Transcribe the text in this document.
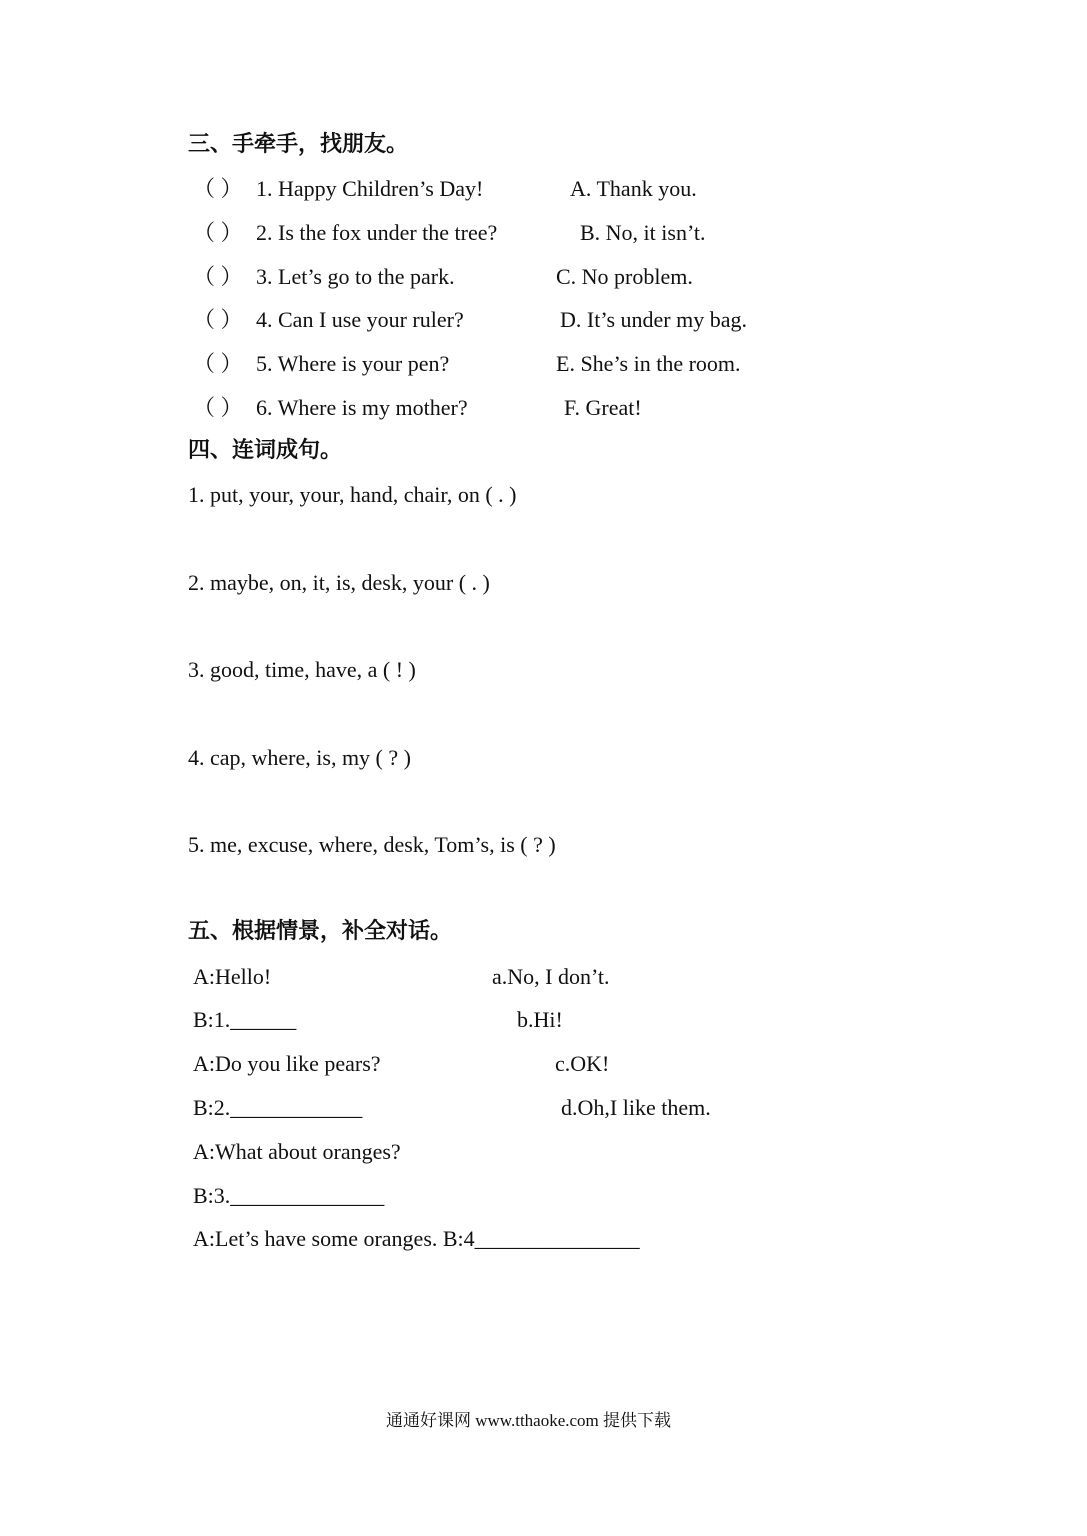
三、手牵手，找朋友。
（ ） 1. Happy Children’s Day!	A. Thank you.
（ ） 2. Is the fox under the tree?	B. No, it isn’t.
（ ） 3. Let’s go to the park.	C. No problem.
（ ） 4. Can I use your ruler?	D. It’s under my bag.
（ ） 5. Where is your pen?	E. She’s in the room.
（ ） 6. Where is my mother?	F. Great!
四、连词成句。
1. put, your, your, hand, chair, on ( . )
2. maybe, on, it, is, desk, your ( . )
3. good, time, have, a ( ! )
4. cap, where, is, my ( ? )
5. me, excuse, where, desk, Tom’s, is ( ? )
五、根据情景，补全对话。
A:Hello!
B:1.______
A:Do you like pears?
B:2.____________
A:What about oranges?
B:3.______________
A:Let’s have some oranges. B:4_______________
a.No, I don’t.
b.Hi!
c.OK!
d.Oh,I like them.
通通好课网 www.tthaoke.com 提供下载
